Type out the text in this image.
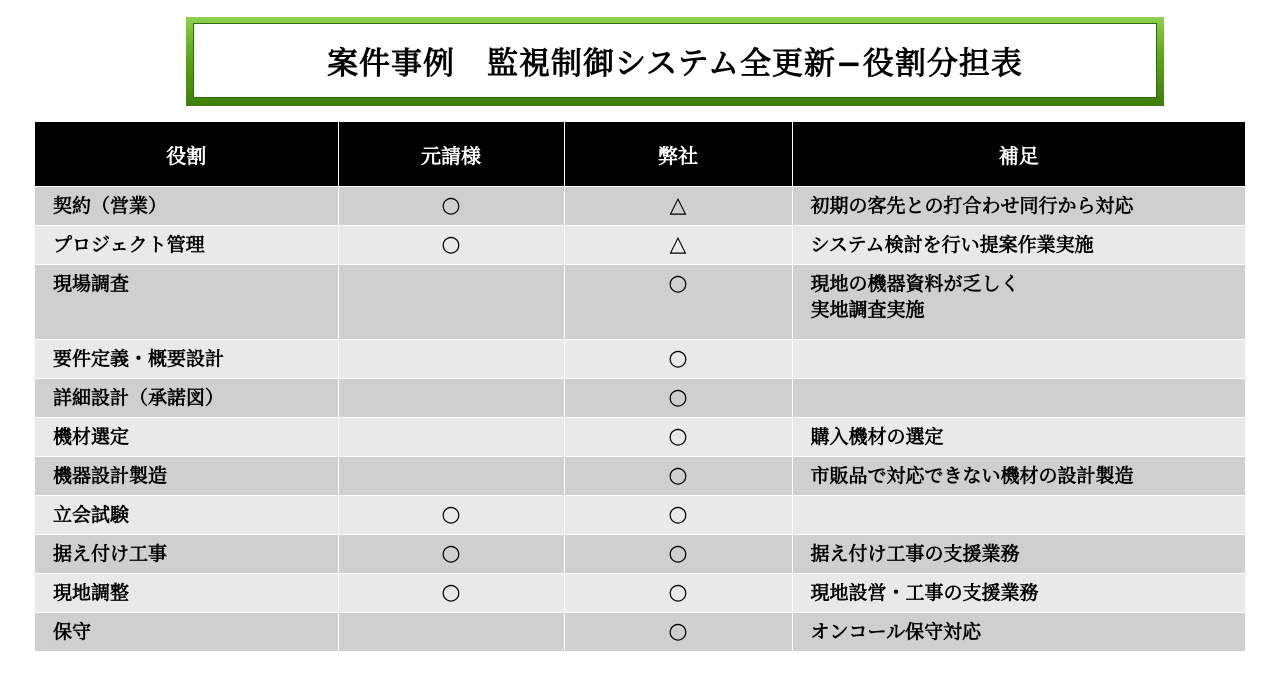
案件事例　監視制御システム全更新−役割分担表
役割	元請様	弊社	補足
契約（営業）	○	△	初期の客先との打合わせ同行から対応

プロジェクト管理	○	△	システム検討を行い提案作業実施

現場調査		○	現地の機器資料が乏しく
実地調査実施

要件定義・概要設計		○	
詳細設計（承諾図）		○	
機材選定		○	購入機材の選定

機器設計製造		○	市販品で対応できない機材の設計製造

立会試験	○	○	
据え付け工事	○	○	据え付け工事の支援業務

現地調整	○	○	現地設営・工事の支援業務

保守		○	オンコール保守対応
